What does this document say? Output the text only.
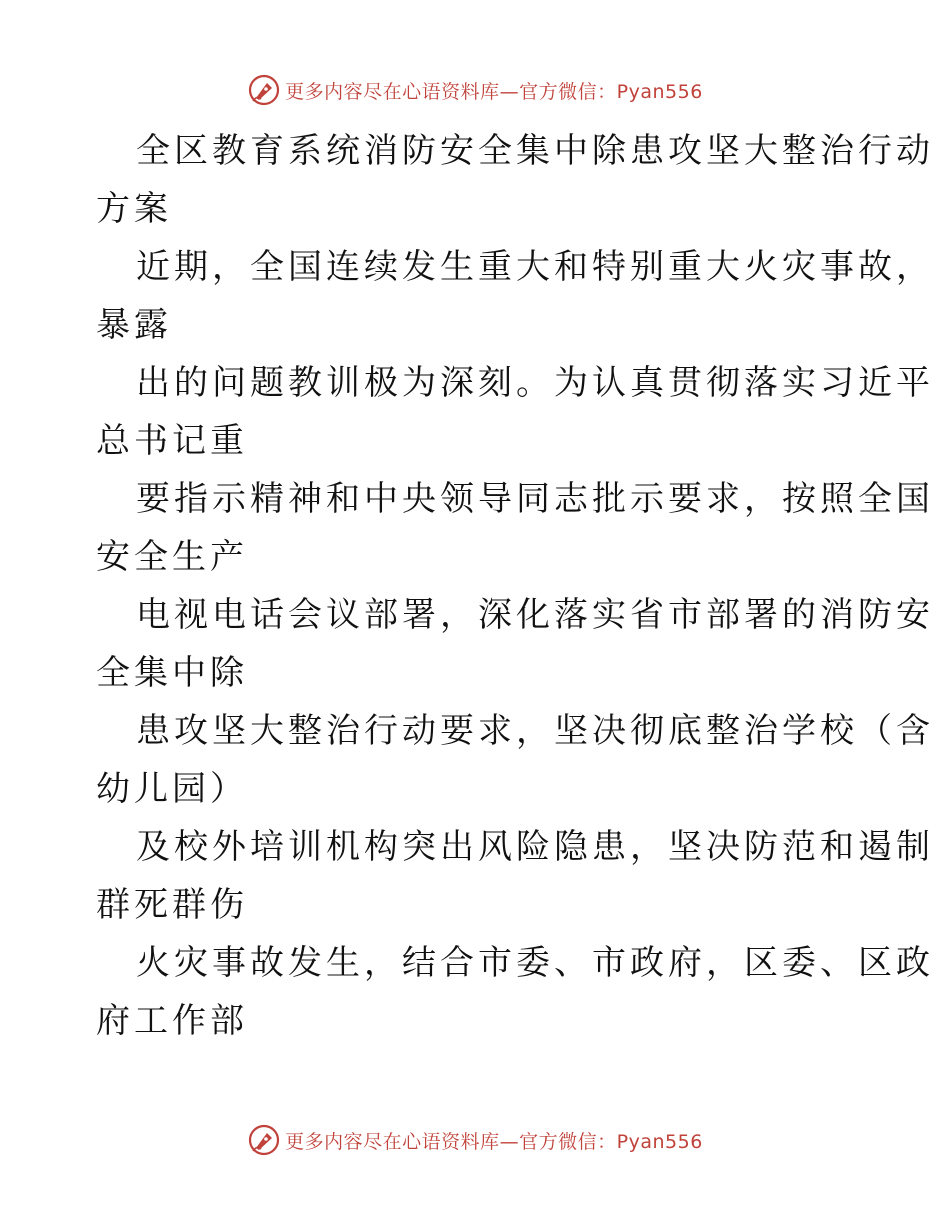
更多内容尽在心语资料库—官方微信：Pyan556
全区教育系统消防安全集中除患攻坚大整治行动
方案
近期，全国连续发生重大和特别重大火灾事故，
暴露
出的问题教训极为深刻。为认真贯彻落实习近平
总书记重
要指示精神和中央领导同志批示要求，按照全国
安全生产
电视电话会议部署，深化落实省市部署的消防安
全集中除
患攻坚大整治行动要求，坚决彻底整治学校（含
幼儿园）
及校外培训机构突出风险隐患，坚决防范和遏制
群死群伤
火灾事故发生，结合市委、市政府，区委、区政
府工作部
更多内容尽在心语资料库—官方微信：Pyan556
